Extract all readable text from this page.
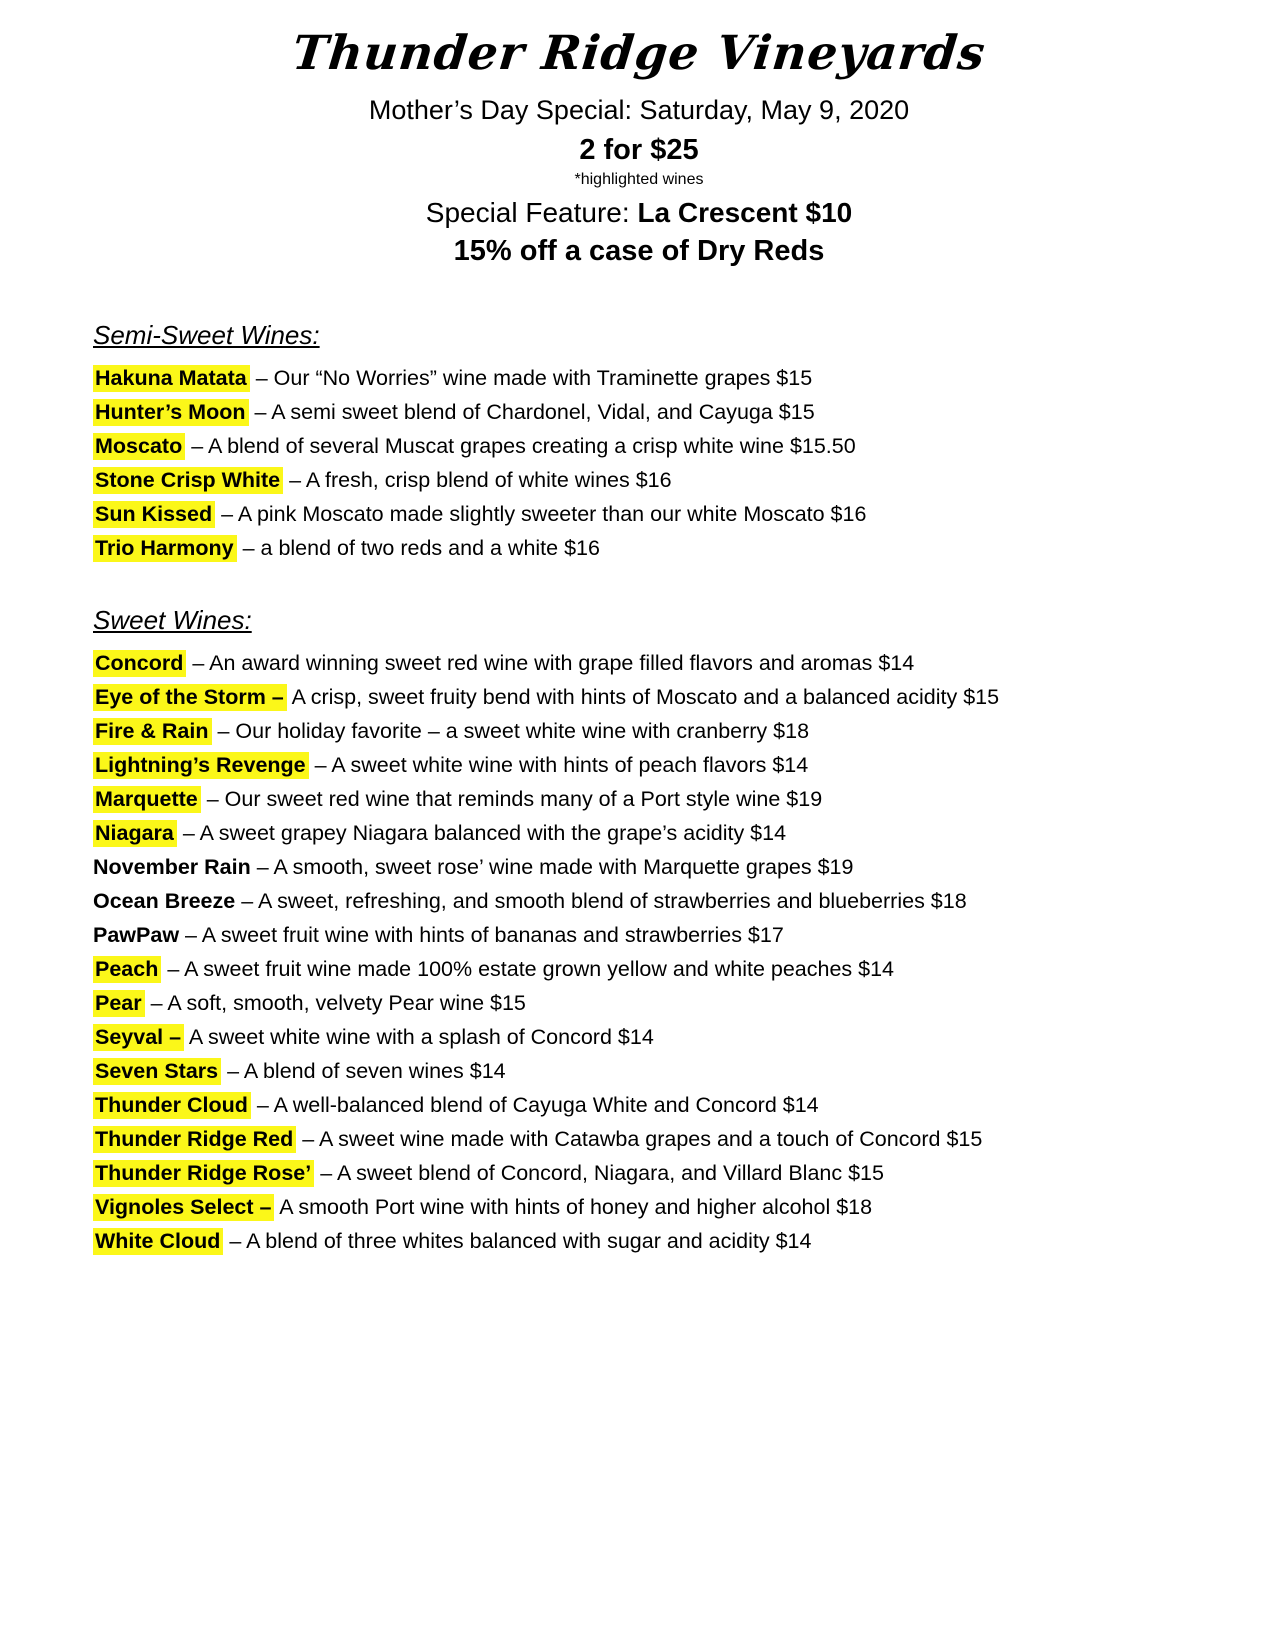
Thunder Ridge Vineyards
Mother’s Day Special: Saturday, May 9, 2020
2 for $25
*highlighted wines
Special Feature: La Crescent $10
15% off a case of Dry Reds
Semi-Sweet Wines:
Hakuna Matata – Our “No Worries” wine made with Traminette grapes $15
Hunter’s Moon – A semi sweet blend of Chardonel, Vidal, and Cayuga $15
Moscato – A blend of several Muscat grapes creating a crisp white wine $15.50
Stone Crisp White – A fresh, crisp blend of white wines $16
Sun Kissed – A pink Moscato made slightly sweeter than our white Moscato $16
Trio Harmony – a blend of two reds and a white $16
Sweet Wines:
Concord – An award winning sweet red wine with grape filled flavors and aromas $14
Eye of the Storm – A crisp, sweet fruity bend with hints of Moscato and a balanced acidity $15
Fire & Rain – Our holiday favorite – a sweet white wine with cranberry $18
Lightning’s Revenge – A sweet white wine with hints of peach flavors $14
Marquette – Our sweet red wine that reminds many of a Port style wine $19
Niagara – A sweet grapey Niagara balanced with the grape’s acidity $14
November Rain – A smooth, sweet rose’ wine made with Marquette grapes $19
Ocean Breeze – A sweet, refreshing, and smooth blend of strawberries and blueberries $18
PawPaw – A sweet fruit wine with hints of bananas and strawberries $17
Peach – A sweet fruit wine made 100% estate grown yellow and white peaches $14
Pear – A soft, smooth, velvety Pear wine $15
Seyval – A sweet white wine with a splash of Concord $14
Seven Stars – A blend of seven wines $14
Thunder Cloud – A well-balanced blend of Cayuga White and Concord $14
Thunder Ridge Red – A sweet wine made with Catawba grapes and a touch of Concord $15
Thunder Ridge Rose’ – A sweet blend of Concord, Niagara, and Villard Blanc $15
Vignoles Select – A smooth Port wine with hints of honey and higher alcohol $18
White Cloud – A blend of three whites balanced with sugar and acidity $14
